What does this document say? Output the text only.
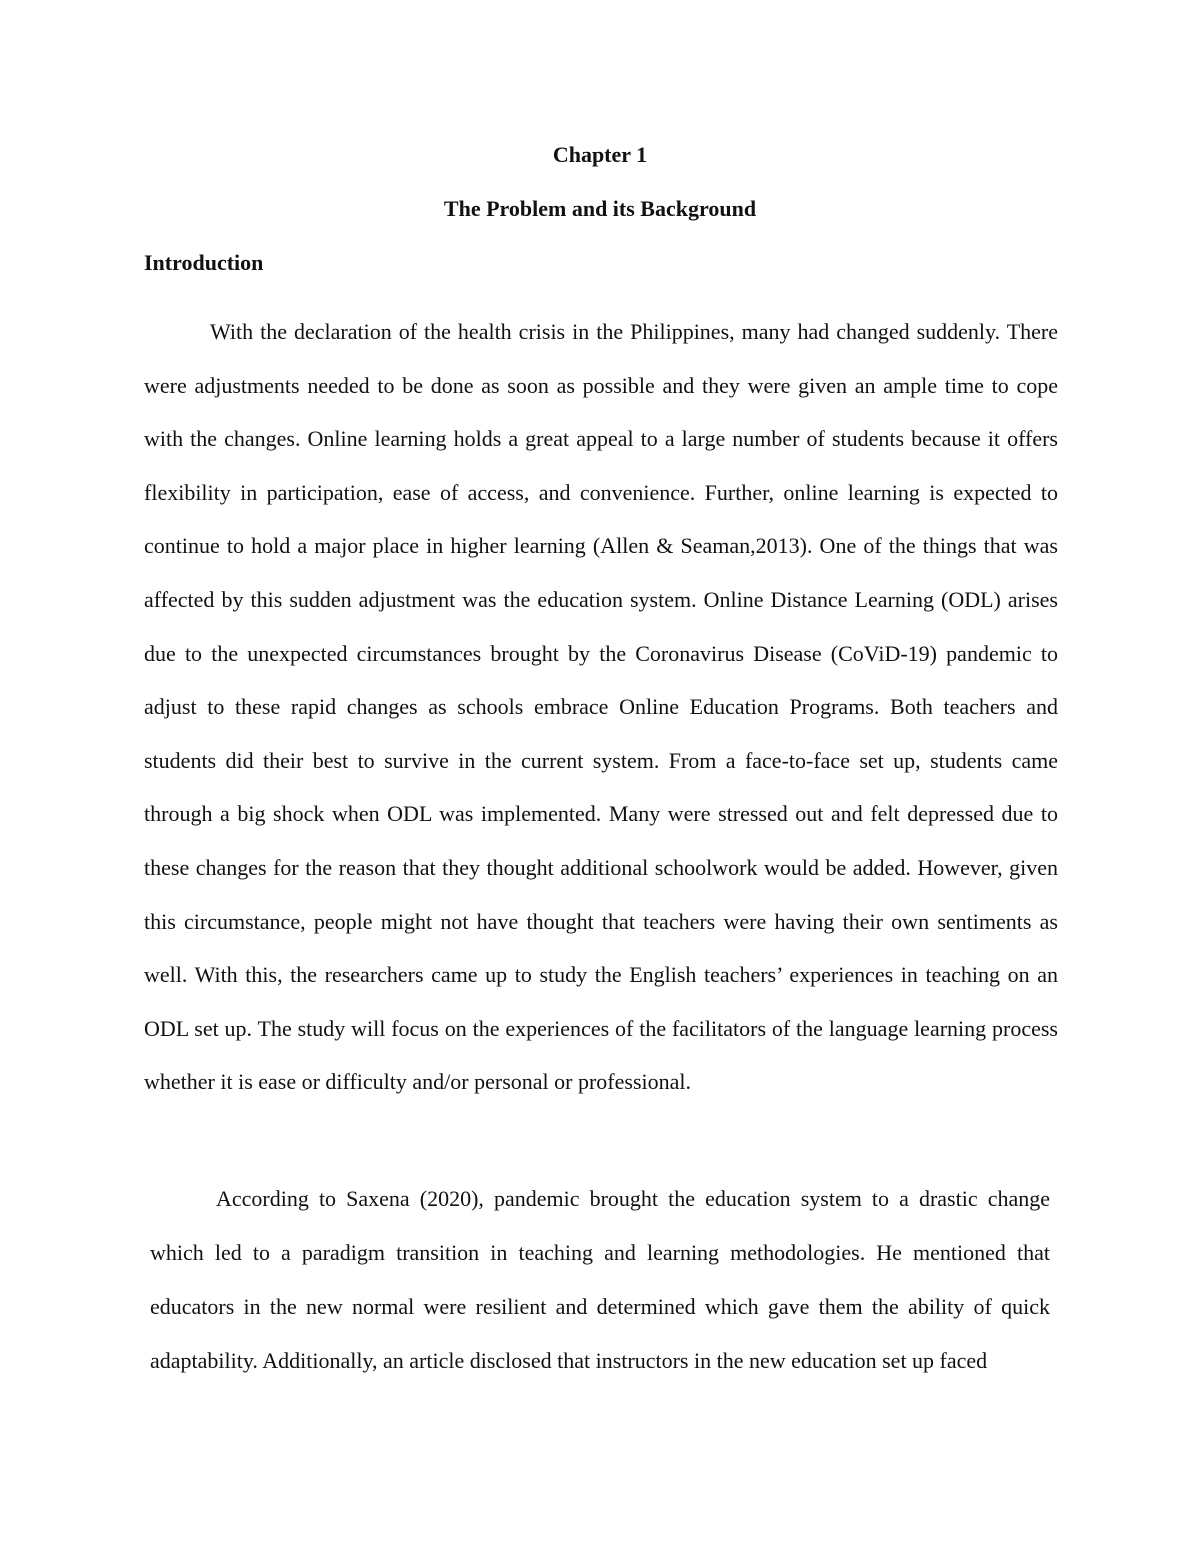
Chapter 1
The Problem and its Background
Introduction

With the declaration of the health crisis in the Philippines, many had changed suddenly. There were adjustments needed to be done as soon as possible and they were given an ample time to cope with the changes. Online learning holds a great appeal to a large number of students because it offers flexibility in participation, ease of access, and convenience. Further, online learning is expected to continue to hold a major place in higher learning (Allen & Seaman,2013). One of the things that was affected by this sudden adjustment was the education system. Online Distance Learning (ODL) arises due to the unexpected circumstances brought by the Coronavirus Disease (CoViD-19) pandemic to adjust to these rapid changes as schools embrace Online Education Programs. Both teachers and students did their best to survive in the current system. From a face-to-face set up, students came through a big shock when ODL was implemented. Many were stressed out and felt depressed due to these changes for the reason that they thought additional schoolwork would be added. However, given this circumstance, people might not have thought that teachers were having their own sentiments as well. With this, the researchers came up to study the English teachers’ experiences in teaching on an ODL set up. The study will focus on the experiences of the facilitators of the language learning process whether it is ease or difficulty and/or personal or professional.

According to Saxena (2020), pandemic brought the education system to a drastic change which led to a paradigm transition in teaching and learning methodologies. He mentioned that educators in the new normal were resilient and determined which gave them the ability of quick adaptability. Additionally, an article disclosed that instructors in the new education set up faced
